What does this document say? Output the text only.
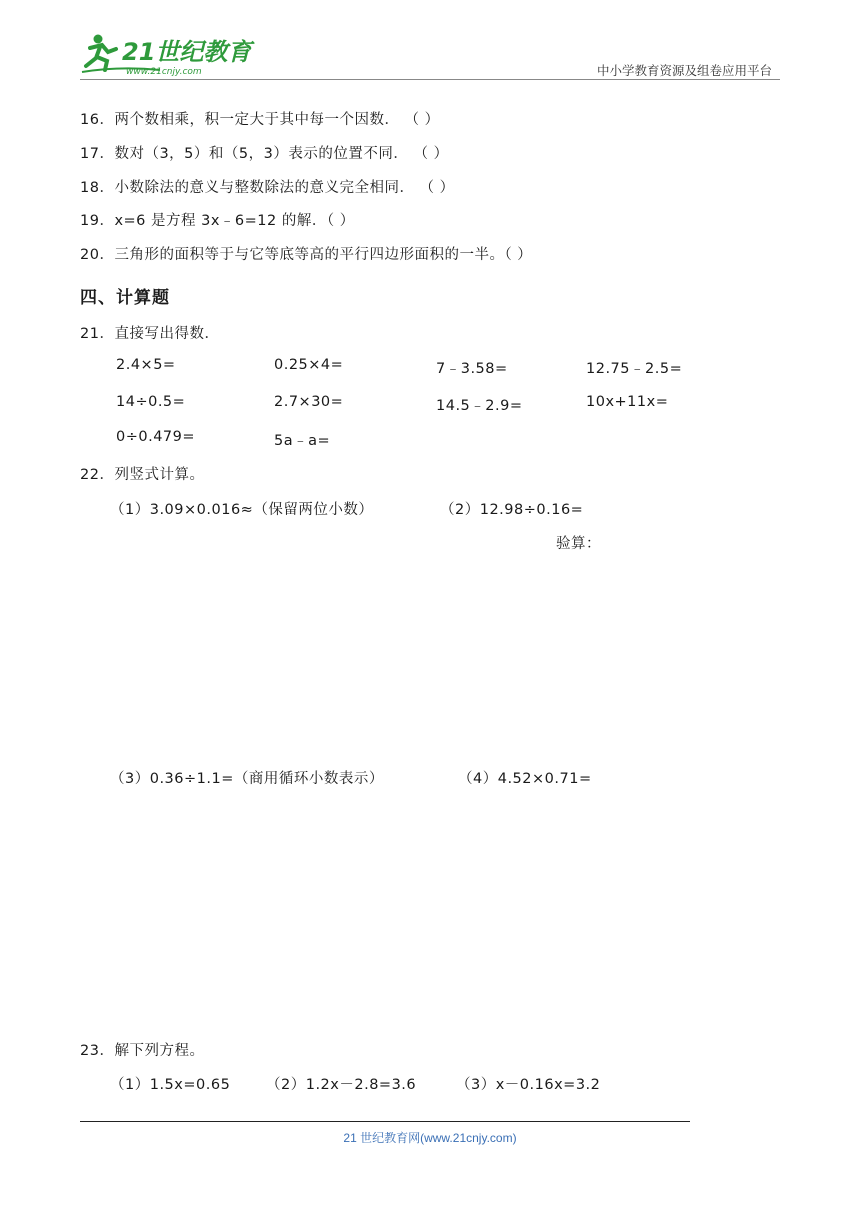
21世纪教育
www.21cnjy.com	中小学教育资源及组卷应用平台
16．两个数相乘，积一定大于其中每一个因数． （ ）
17．数对（3，5）和（5，3）表示的位置不同． （ ）
18．小数除法的意义与整数除法的意义完全相同． （ ）
19．x=6 是方程 3x﹣6=12 的解．（ ）
20．三角形的面积等于与它等底等高的平行四边形面积的一半。（ ）
四、计算题
21．直接写出得数．
2.4×5=	0.25×4=	7﹣3.58=	12.75﹣2.5=
14÷0.5=	2.7×30=	14.5﹣2.9=	10x+11x=
0÷0.479=	5a﹣a=
22．列竖式计算。
（1）3.09×0.016≈（保留两位小数）	（2）12.98÷0.16=
验算：
（3）0.36÷1.1=（商用循环小数表示）	（4）4.52×0.71=
23．解下列方程。
（1）1.5x=0.65 （2）1.2x－2.8=3.6	（3）x－0.16x=3.2
21 世纪教育网(www.21cnjy.com)
